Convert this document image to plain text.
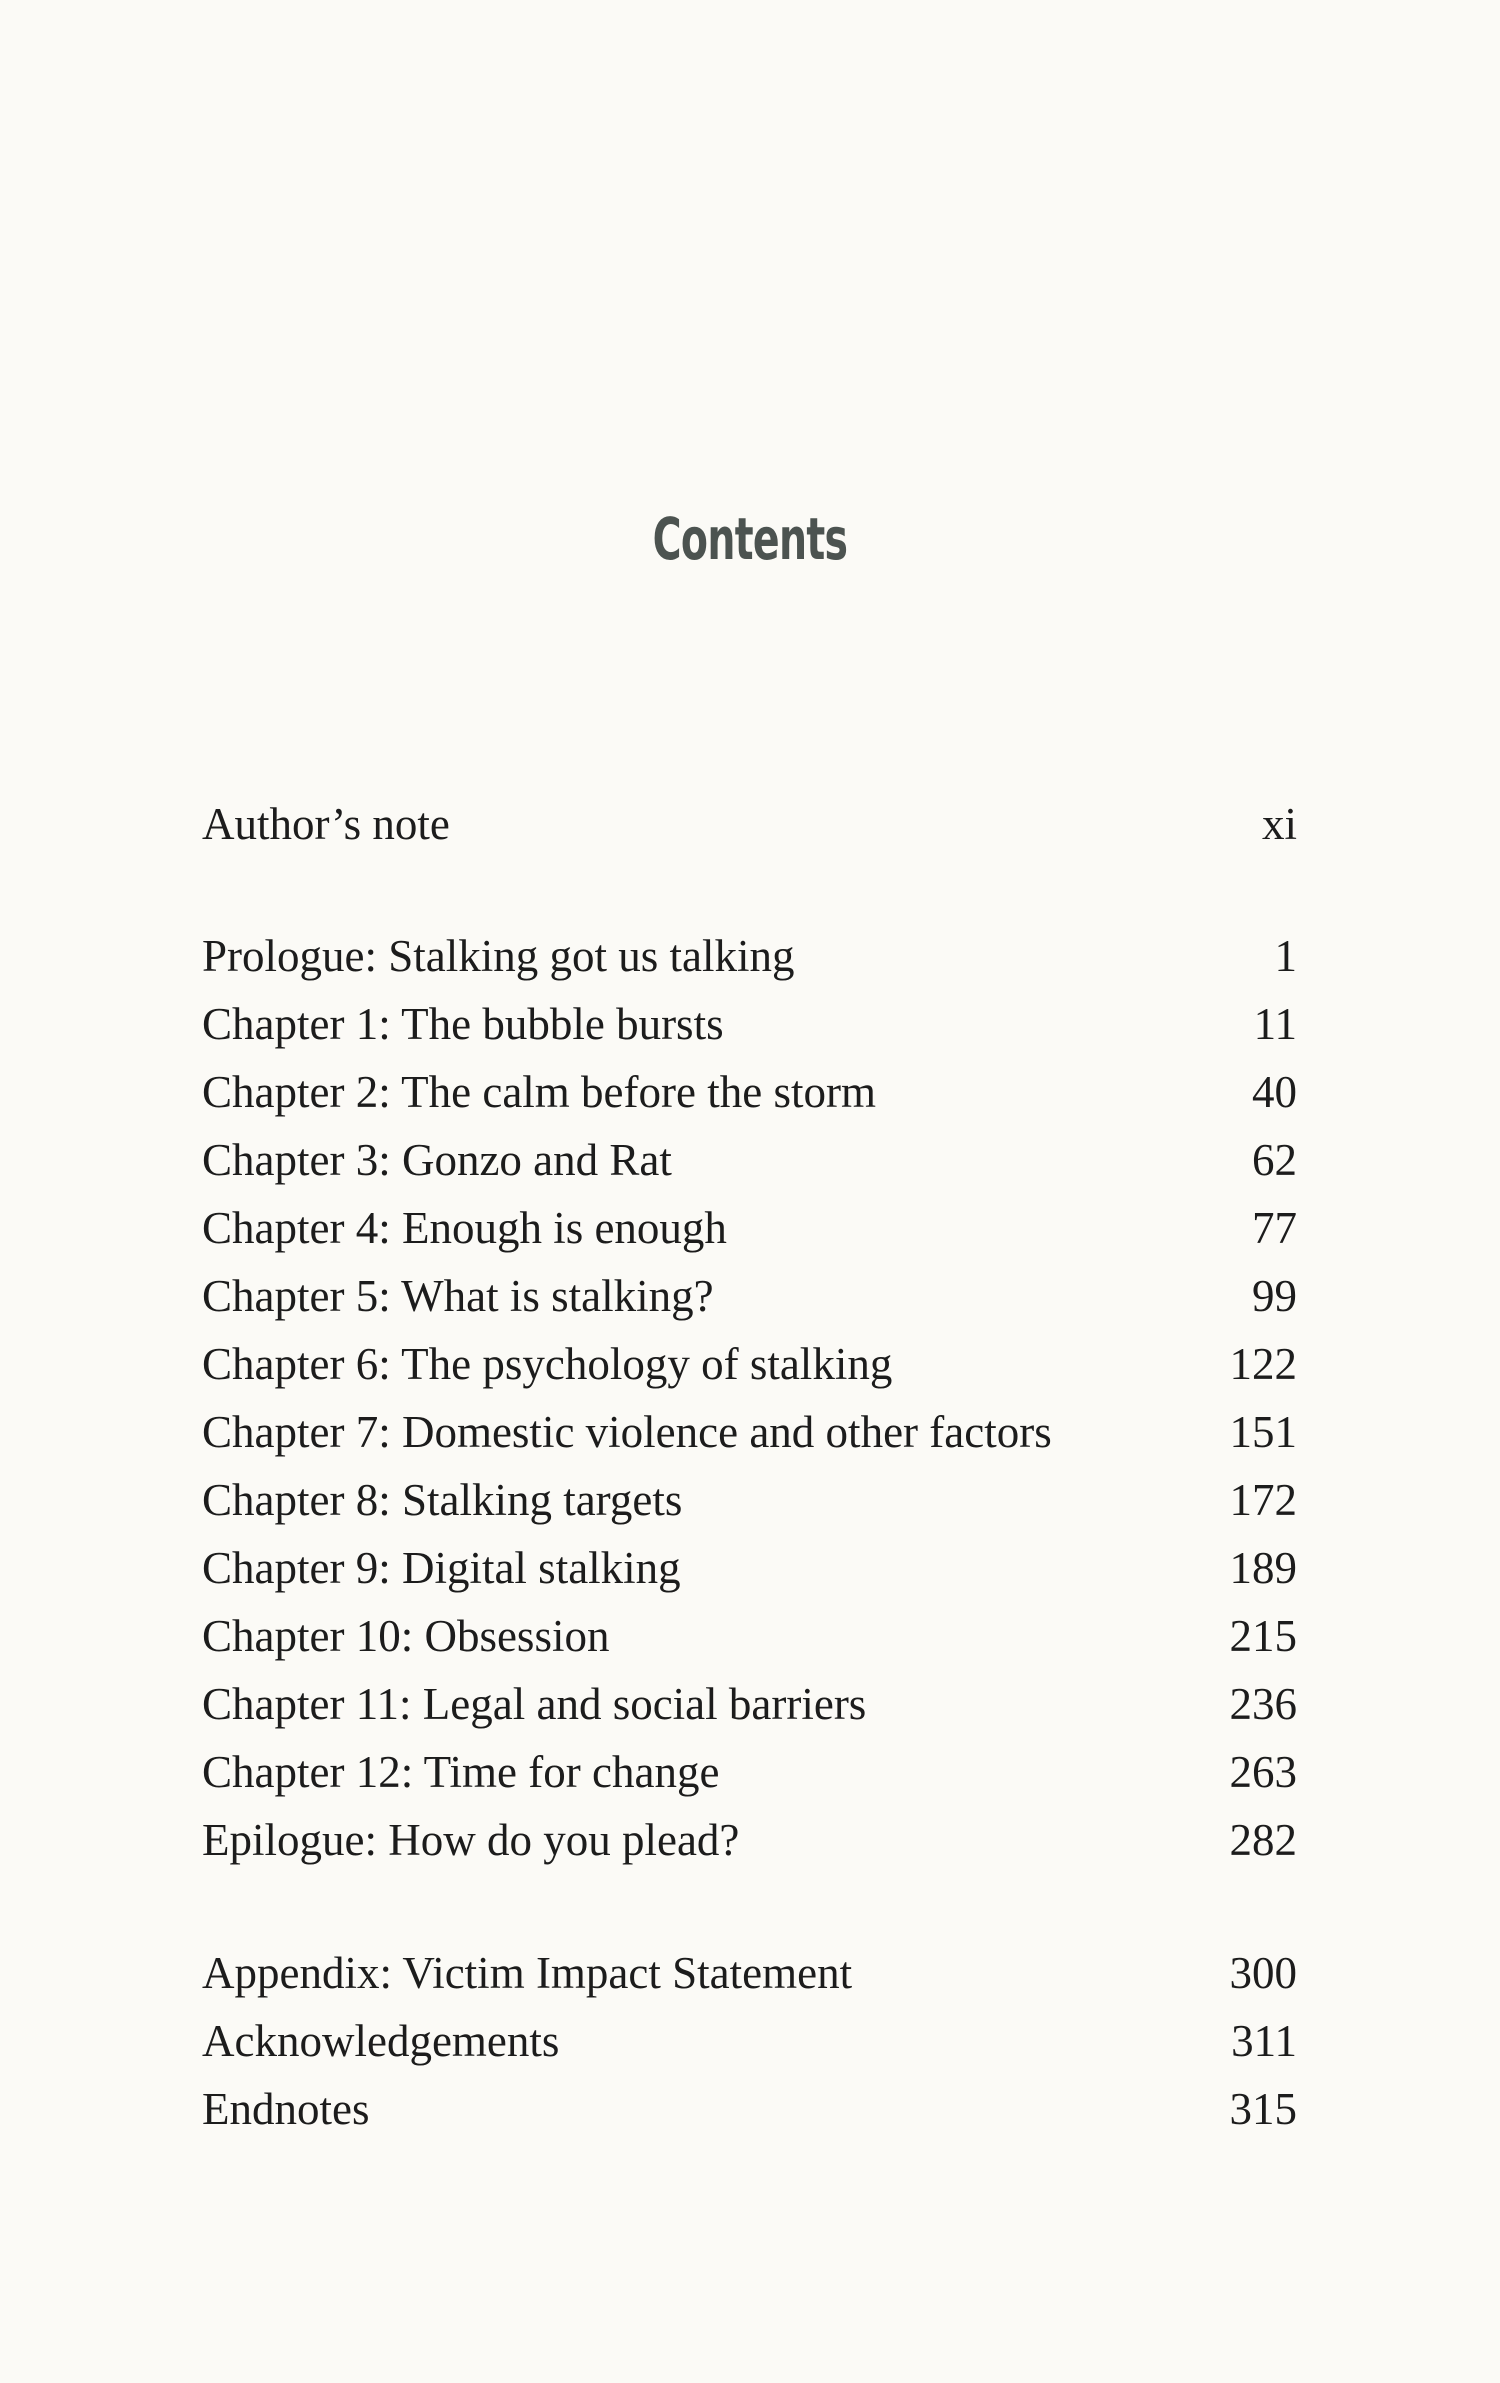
Contents
Author’s note	xi
Prologue: Stalking got us talking	1
Chapter 1: The bubble bursts	11
Chapter 2: The calm before the storm	40
Chapter 3: Gonzo and Rat	62
Chapter 4: Enough is enough	77
Chapter 5: What is stalking?	99
Chapter 6: The psychology of stalking	122
Chapter 7: Domestic violence and other factors	151
Chapter 8: Stalking targets	172
Chapter 9: Digital stalking	189
Chapter 10: Obsession	215
Chapter 11: Legal and social barriers	236
Chapter 12: Time for change	263
Epilogue: How do you plead?	282
Appendix: Victim Impact Statement	300
Acknowledgements	311
Endnotes	315
